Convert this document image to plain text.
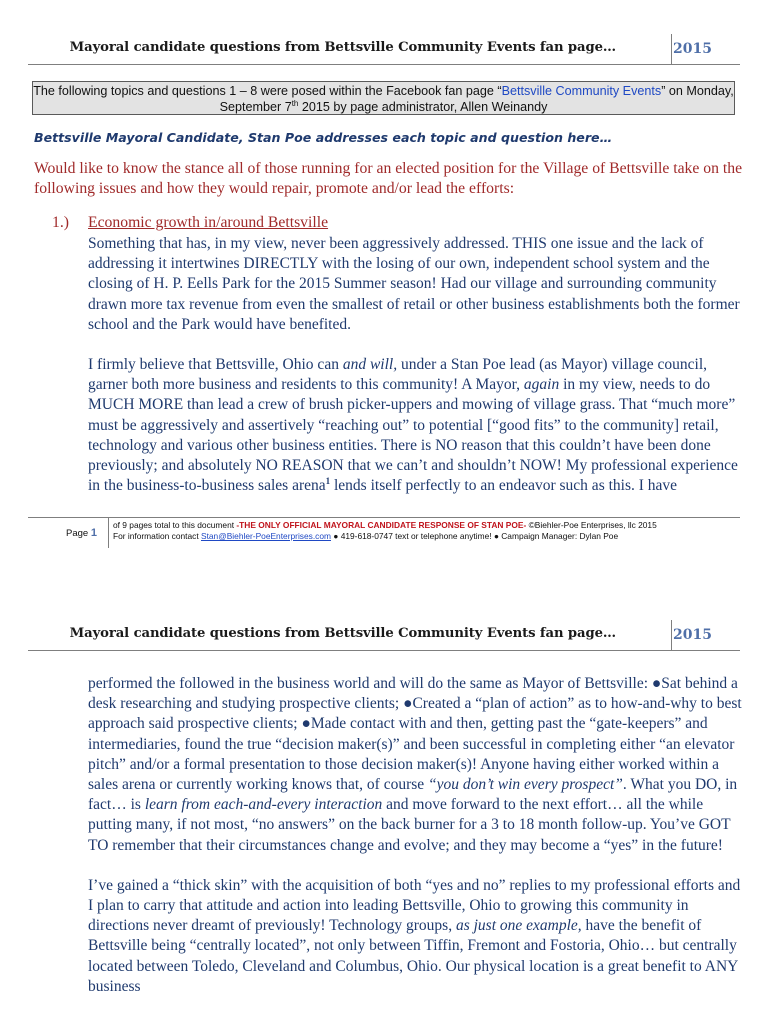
Mayoral candidate questions from Bettsville Community Events fan page…	2015
The following topics and questions 1 – 8 were posed within the Facebook fan page “Bettsville Community Events” on Monday, September 7th 2015 by page administrator, Allen Weinandy
Bettsville Mayoral Candidate, Stan Poe addresses each topic and question here…
Would like to know the stance all of those running for an elected position for the Village of Bettsville take on the following issues and how they would repair, promote and/or lead the efforts:
1.) Economic growth in/around Bettsville

Something that has, in my view, never been aggressively addressed. THIS one issue and the lack of addressing it intertwines DIRECTLY with the losing of our own, independent school system and the closing of H. P. Eells Park for the 2015 Summer season! Had our village and surrounding community drawn more tax revenue from even the smallest of retail or other business establishments both the former school and the Park would have benefited.

I firmly believe that Bettsville, Ohio can and will, under a Stan Poe lead (as Mayor) village council, garner both more business and residents to this community! A Mayor, again in my view, needs to do MUCH MORE than lead a crew of brush picker-uppers and mowing of village grass. That “much more” must be aggressively and assertively “reaching out” to potential [“good fits” to the community] retail, technology and various other business entities. There is NO reason that this couldn’t have been done previously; and absolutely NO REASON that we can’t and shouldn’t NOW! My professional experience in the business-to-business sales arena$^1$ lends itself perfectly to an endeavor such as this. I have

Page 1
of 9 pages total to this document -THE ONLY OFFICIAL MAYORAL CANDIDATE RESPONSE OF STAN POE- ©Biehler-Poe Enterprises, llc 2015
For information contact Stan@Biehler-PoeEnterprises.com ● 419-618-0747 text or telephone anytime! ● Campaign Manager: Dylan Poe
Mayoral candidate questions from Bettsville Community Events fan page…	2015

performed the followed in the business world and will do the same as Mayor of Bettsville: ●Sat behind a desk researching and studying prospective clients; ●Created a “plan of action” as to how-and-why to best approach said prospective clients; ●Made contact with and then, getting past the “gate-keepers” and intermediaries, found the true “decision maker(s)” and been successful in completing either “an elevator pitch” and/or a formal presentation to those decision maker(s)! Anyone having either worked within a sales arena or currently working knows that, of course “you don’t win every prospect”. What you DO, in fact… is learn from each-and-every interaction and move forward to the next effort… all the while putting many, if not most, “no answers” on the back burner for a 3 to 18 month follow-up. You’ve GOT TO remember that their circumstances change and evolve; and they may become a “yes” in the future!

I’ve gained a “thick skin” with the acquisition of both “yes and no” replies to my professional efforts and I plan to carry that attitude and action into leading Bettsville, Ohio to growing this community in directions never dreamt of previously! Technology groups, as just one example, have the benefit of Bettsville being “centrally located”, not only between Tiffin, Fremont and Fostoria, Ohio… but centrally located between Toledo, Cleveland and Columbus, Ohio. Our physical location is a great benefit to ANY business
